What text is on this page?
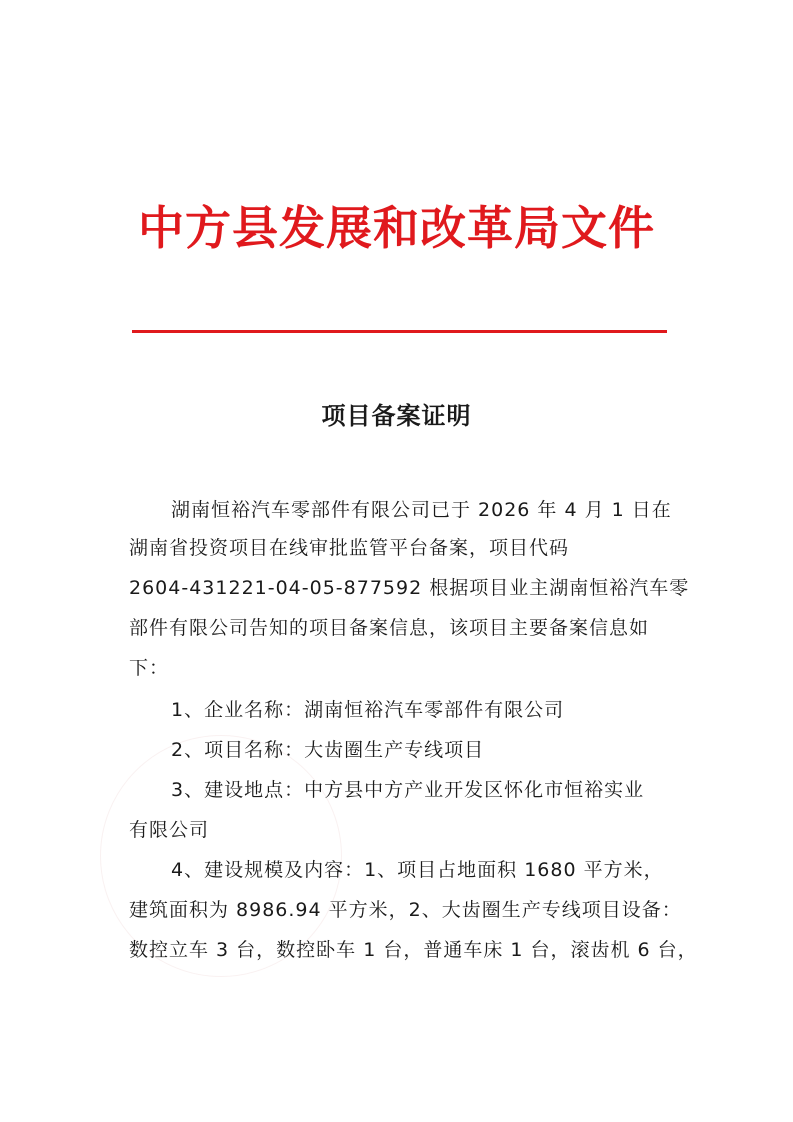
中方县发展和改革局文件
项目备案证明
湖南恒裕汽车零部件有限公司已于 2026 年 4 月 1 日在
湖南省投资项目在线审批监管平台备案，项目代码
2604-431221-04-05-877592 根据项目业主湖南恒裕汽车零
部件有限公司告知的项目备案信息，该项目主要备案信息如
下：
1、企业名称：湖南恒裕汽车零部件有限公司
2、项目名称：大齿圈生产专线项目
3、建设地点：中方县中方产业开发区怀化市恒裕实业
有限公司
4、建设规模及内容：1、项目占地面积 1680 平方米，
建筑面积为 8986.94 平方米，2、大齿圈生产专线项目设备：
数控立车 3 台，数控卧车 1 台，普通车床 1 台，滚齿机 6 台，
